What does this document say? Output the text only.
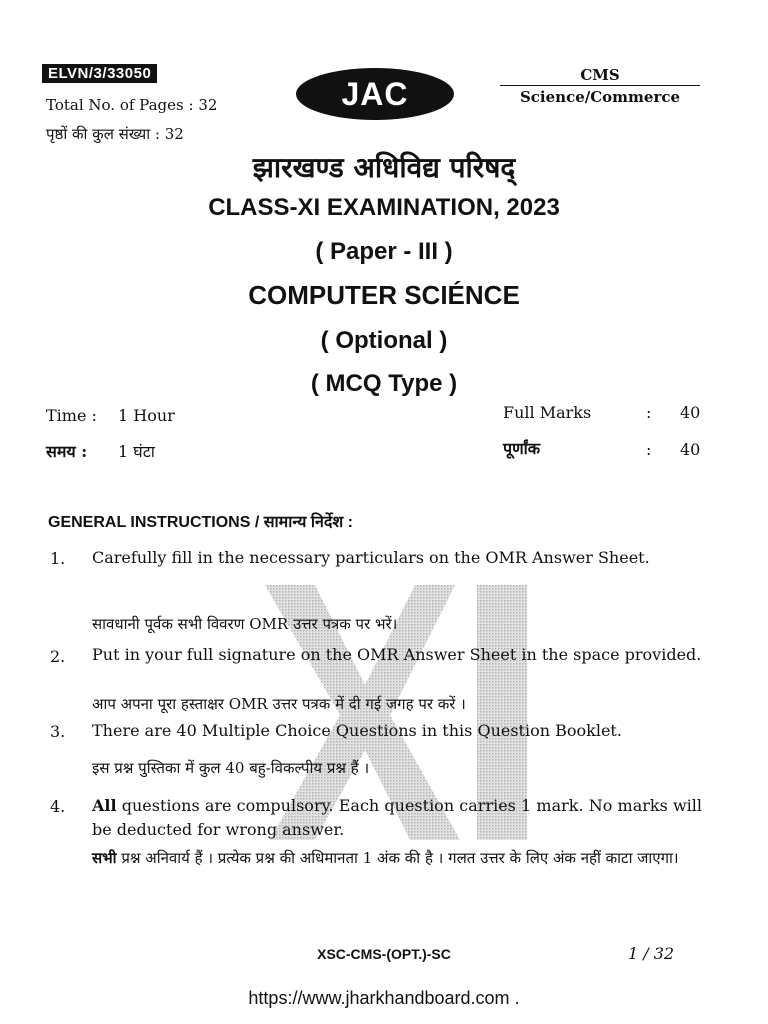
ELVN/3/33050
Total No. of Pages : 32
पृष्ठों की कुल संख्या : 32
JAC
CMS
Science/Commerce
झारखण्ड अधिविद्य परिषद्
CLASS-XI EXAMINATION, 2023
( Paper - III )
COMPUTER SCIÉNCE
( Optional )
( MCQ Type )
Time : 1 Hour
समय : 1 घंटा
Full Marks	: 40
पूर्णांक	: 40
GENERAL INSTRUCTIONS / सामान्य निर्देश :
1. Carefully fill in the necessary particulars on the OMR Answer Sheet.
सावधानी पूर्वक सभी विवरण OMR उत्तर पत्रक पर भरें।
2. Put in your full signature on the OMR Answer Sheet in the space provided.
आप अपना पूरा हस्ताक्षर OMR उत्तर पत्रक में दी गई जगह पर करें ।
3. There are 40 Multiple Choice Questions in this Question Booklet.
इस प्रश्न पुस्तिका में कुल 40 बहु-विकल्पीय प्रश्न हैं ।
4. All questions are compulsory. Each question carries 1 mark. No marks will be deducted for wrong answer.
सभी प्रश्न अनिवार्य हैं । प्रत्येक प्रश्न की अधिमानता 1 अंक की है । गलत उत्तर के लिए अंक नहीं काटा जाएगा।
XSC-CMS-(OPT.)-SC	1 / 32
https://www.jharkhandboard.com .
